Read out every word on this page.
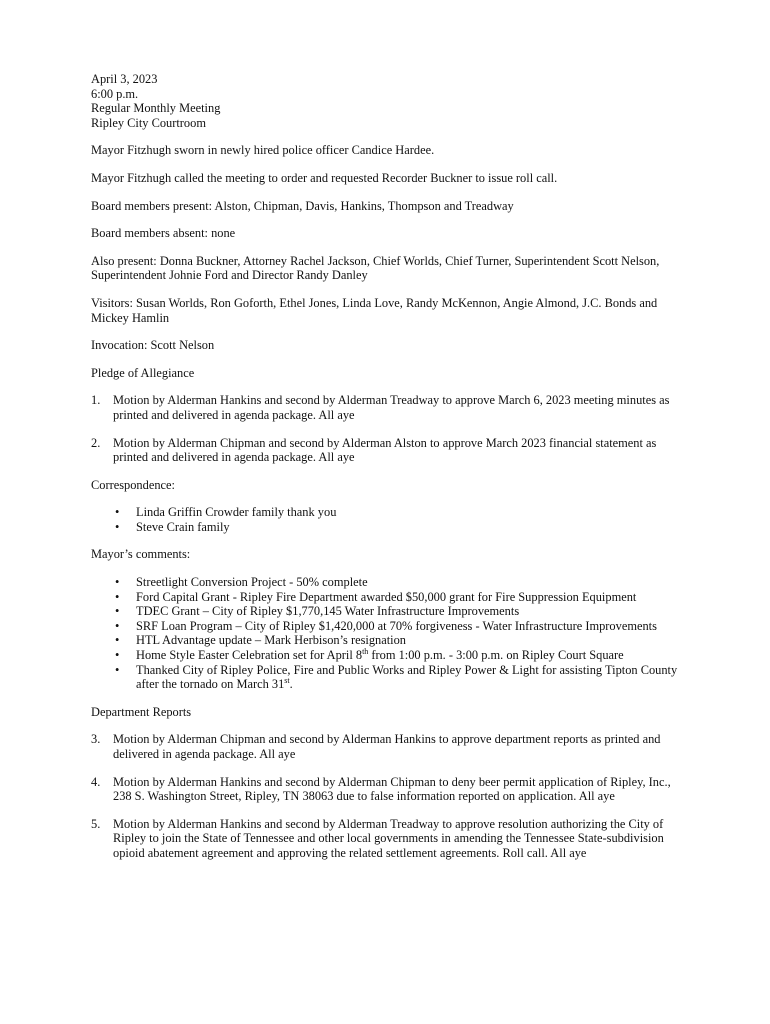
April 3, 2023
6:00 p.m.
Regular Monthly Meeting
Ripley City Courtroom

Mayor Fitzhugh sworn in newly hired police officer Candice Hardee.

Mayor Fitzhugh called the meeting to order and requested Recorder Buckner to issue roll call.

Board members present: Alston, Chipman, Davis, Hankins, Thompson and Treadway

Board members absent: none

Also present: Donna Buckner, Attorney Rachel Jackson, Chief Worlds, Chief Turner, Superintendent Scott Nelson, Superintendent Johnie Ford and Director Randy Danley

Visitors: Susan Worlds, Ron Goforth, Ethel Jones, Linda Love, Randy McKennon, Angie Almond, J.C. Bonds and Mickey Hamlin

Invocation: Scott Nelson

Pledge of Allegiance

1. Motion by Alderman Hankins and second by Alderman Treadway to approve March 6, 2023 meeting minutes as printed and delivered in agenda package. All aye
2. Motion by Alderman Chipman and second by Alderman Alston to approve March 2023 financial statement as printed and delivered in agenda package. All aye

Correspondence:

• Linda Griffin Crowder family thank you
• Steve Crain family

Mayor’s comments:

• Streetlight Conversion Project - 50% complete
• Ford Capital Grant - Ripley Fire Department awarded $50,000 grant for Fire Suppression Equipment
• TDEC Grant – City of Ripley $1,770,145 Water Infrastructure Improvements
• SRF Loan Program – City of Ripley $1,420,000 at 70% forgiveness - Water Infrastructure Improvements
• HTL Advantage update – Mark Herbison’s resignation
• Home Style Easter Celebration set for April 8th from 1:00 p.m. - 3:00 p.m. on Ripley Court Square
• Thanked City of Ripley Police, Fire and Public Works and Ripley Power & Light for assisting Tipton County after the tornado on March 31st.

Department Reports

3. Motion by Alderman Chipman and second by Alderman Hankins to approve department reports as printed and delivered in agenda package. All aye
4. Motion by Alderman Hankins and second by Alderman Chipman to deny beer permit application of Ripley, Inc., 238 S. Washington Street, Ripley, TN 38063 due to false information reported on application. All aye
5. Motion by Alderman Hankins and second by Alderman Treadway to approve resolution authorizing the City of Ripley to join the State of Tennessee and other local governments in amending the Tennessee State-subdivision opioid abatement agreement and approving the related settlement agreements. Roll call. All aye
